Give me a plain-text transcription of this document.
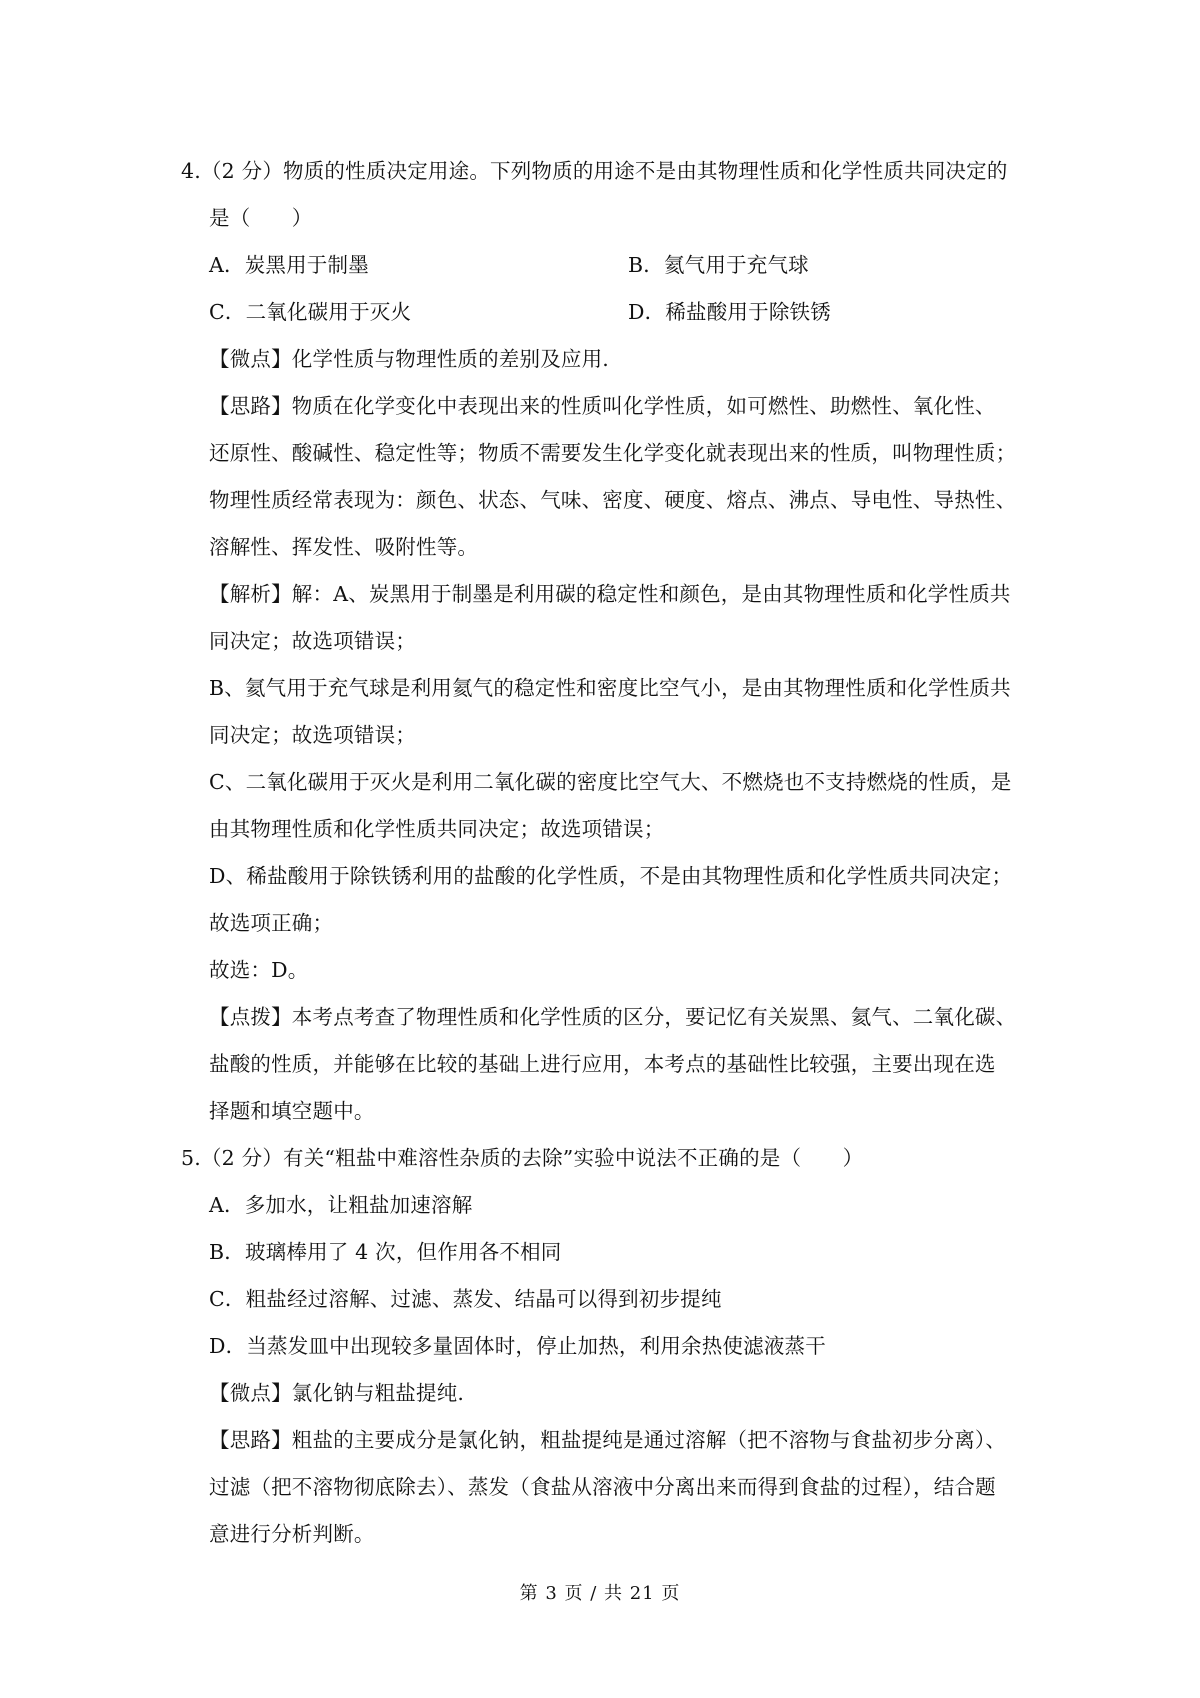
4.（2 分）物质的性质决定用途。下列物质的用途不是由其物理性质和化学性质共同决定的
是（　　）
A．炭黑用于制墨	B．氦气用于充气球
C．二氧化碳用于灭火	D．稀盐酸用于除铁锈
【微点】化学性质与物理性质的差别及应用.
【思路】物质在化学变化中表现出来的性质叫化学性质，如可燃性、助燃性、氧化性、
还原性、酸碱性、稳定性等；物质不需要发生化学变化就表现出来的性质，叫物理性质；
物理性质经常表现为：颜色、状态、气味、密度、硬度、熔点、沸点、导电性、导热性、
溶解性、挥发性、吸附性等。
【解析】解：A、炭黑用于制墨是利用碳的稳定性和颜色，是由其物理性质和化学性质共
同决定；故选项错误；
B、氦气用于充气球是利用氦气的稳定性和密度比空气小，是由其物理性质和化学性质共
同决定；故选项错误；
C、二氧化碳用于灭火是利用二氧化碳的密度比空气大、不燃烧也不支持燃烧的性质，是
由其物理性质和化学性质共同决定；故选项错误；
D、稀盐酸用于除铁锈利用的盐酸的化学性质，不是由其物理性质和化学性质共同决定；
故选项正确；
故选：D。
【点拨】本考点考查了物理性质和化学性质的区分，要记忆有关炭黑、氦气、二氧化碳、
盐酸的性质，并能够在比较的基础上进行应用，本考点的基础性比较强，主要出现在选
择题和填空题中。
5.（2 分）有关“粗盐中难溶性杂质的去除”实验中说法不正确的是（　　）
A．多加水，让粗盐加速溶解
B．玻璃棒用了 4 次，但作用各不相同
C．粗盐经过溶解、过滤、蒸发、结晶可以得到初步提纯
D．当蒸发皿中出现较多量固体时，停止加热，利用余热使滤液蒸干
【微点】氯化钠与粗盐提纯.
【思路】粗盐的主要成分是氯化钠，粗盐提纯是通过溶解（把不溶物与食盐初步分离）、
过滤（把不溶物彻底除去）、蒸发（食盐从溶液中分离出来而得到食盐的过程），结合题
意进行分析判断。
第 3 页 / 共 21 页
